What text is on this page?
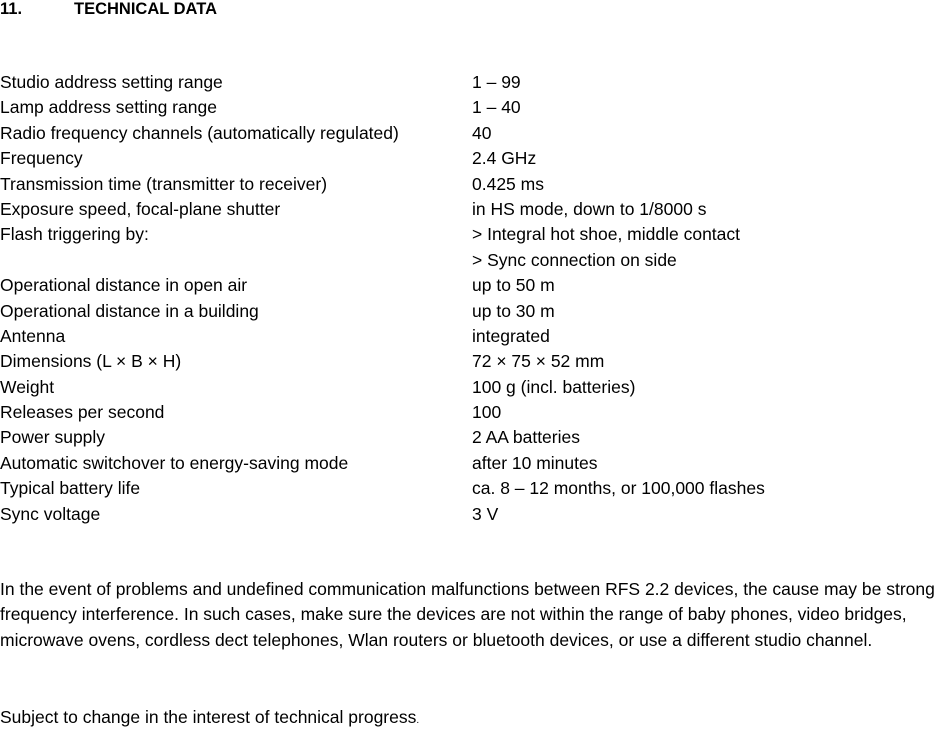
11.	TECHNICAL DATA
Studio address setting range	1 – 99
Lamp address setting range	1 – 40
Radio frequency channels (automatically regulated)	40
Frequency	2.4 GHz
Transmission time (transmitter to receiver)	0.425 ms
Exposure speed, focal-plane shutter	in HS mode, down to 1/8000 s
Flash triggering by:	> Integral hot shoe, middle contact
> Sync connection on side
Operational distance in open air	up to 50 m
Operational distance in a building	up to 30 m
Antenna	integrated
Dimensions (L × B × H)	72 × 75 × 52 mm
Weight	100 g (incl. batteries)
Releases per second	100
Power supply	2 AA batteries
Automatic switchover to energy-saving mode	after 10 minutes
Typical battery life	ca. 8 – 12 months, or 100,000 flashes
Sync voltage	3 V

In the event of problems and undefined communication malfunctions between RFS 2.2 devices, the cause may be strong frequency interference. In such cases, make sure the devices are not within the range of baby phones, video bridges, microwave ovens, cordless dect telephones, Wlan routers or bluetooth devices, or use a different studio channel.

Subject to change in the interest of technical progress.
